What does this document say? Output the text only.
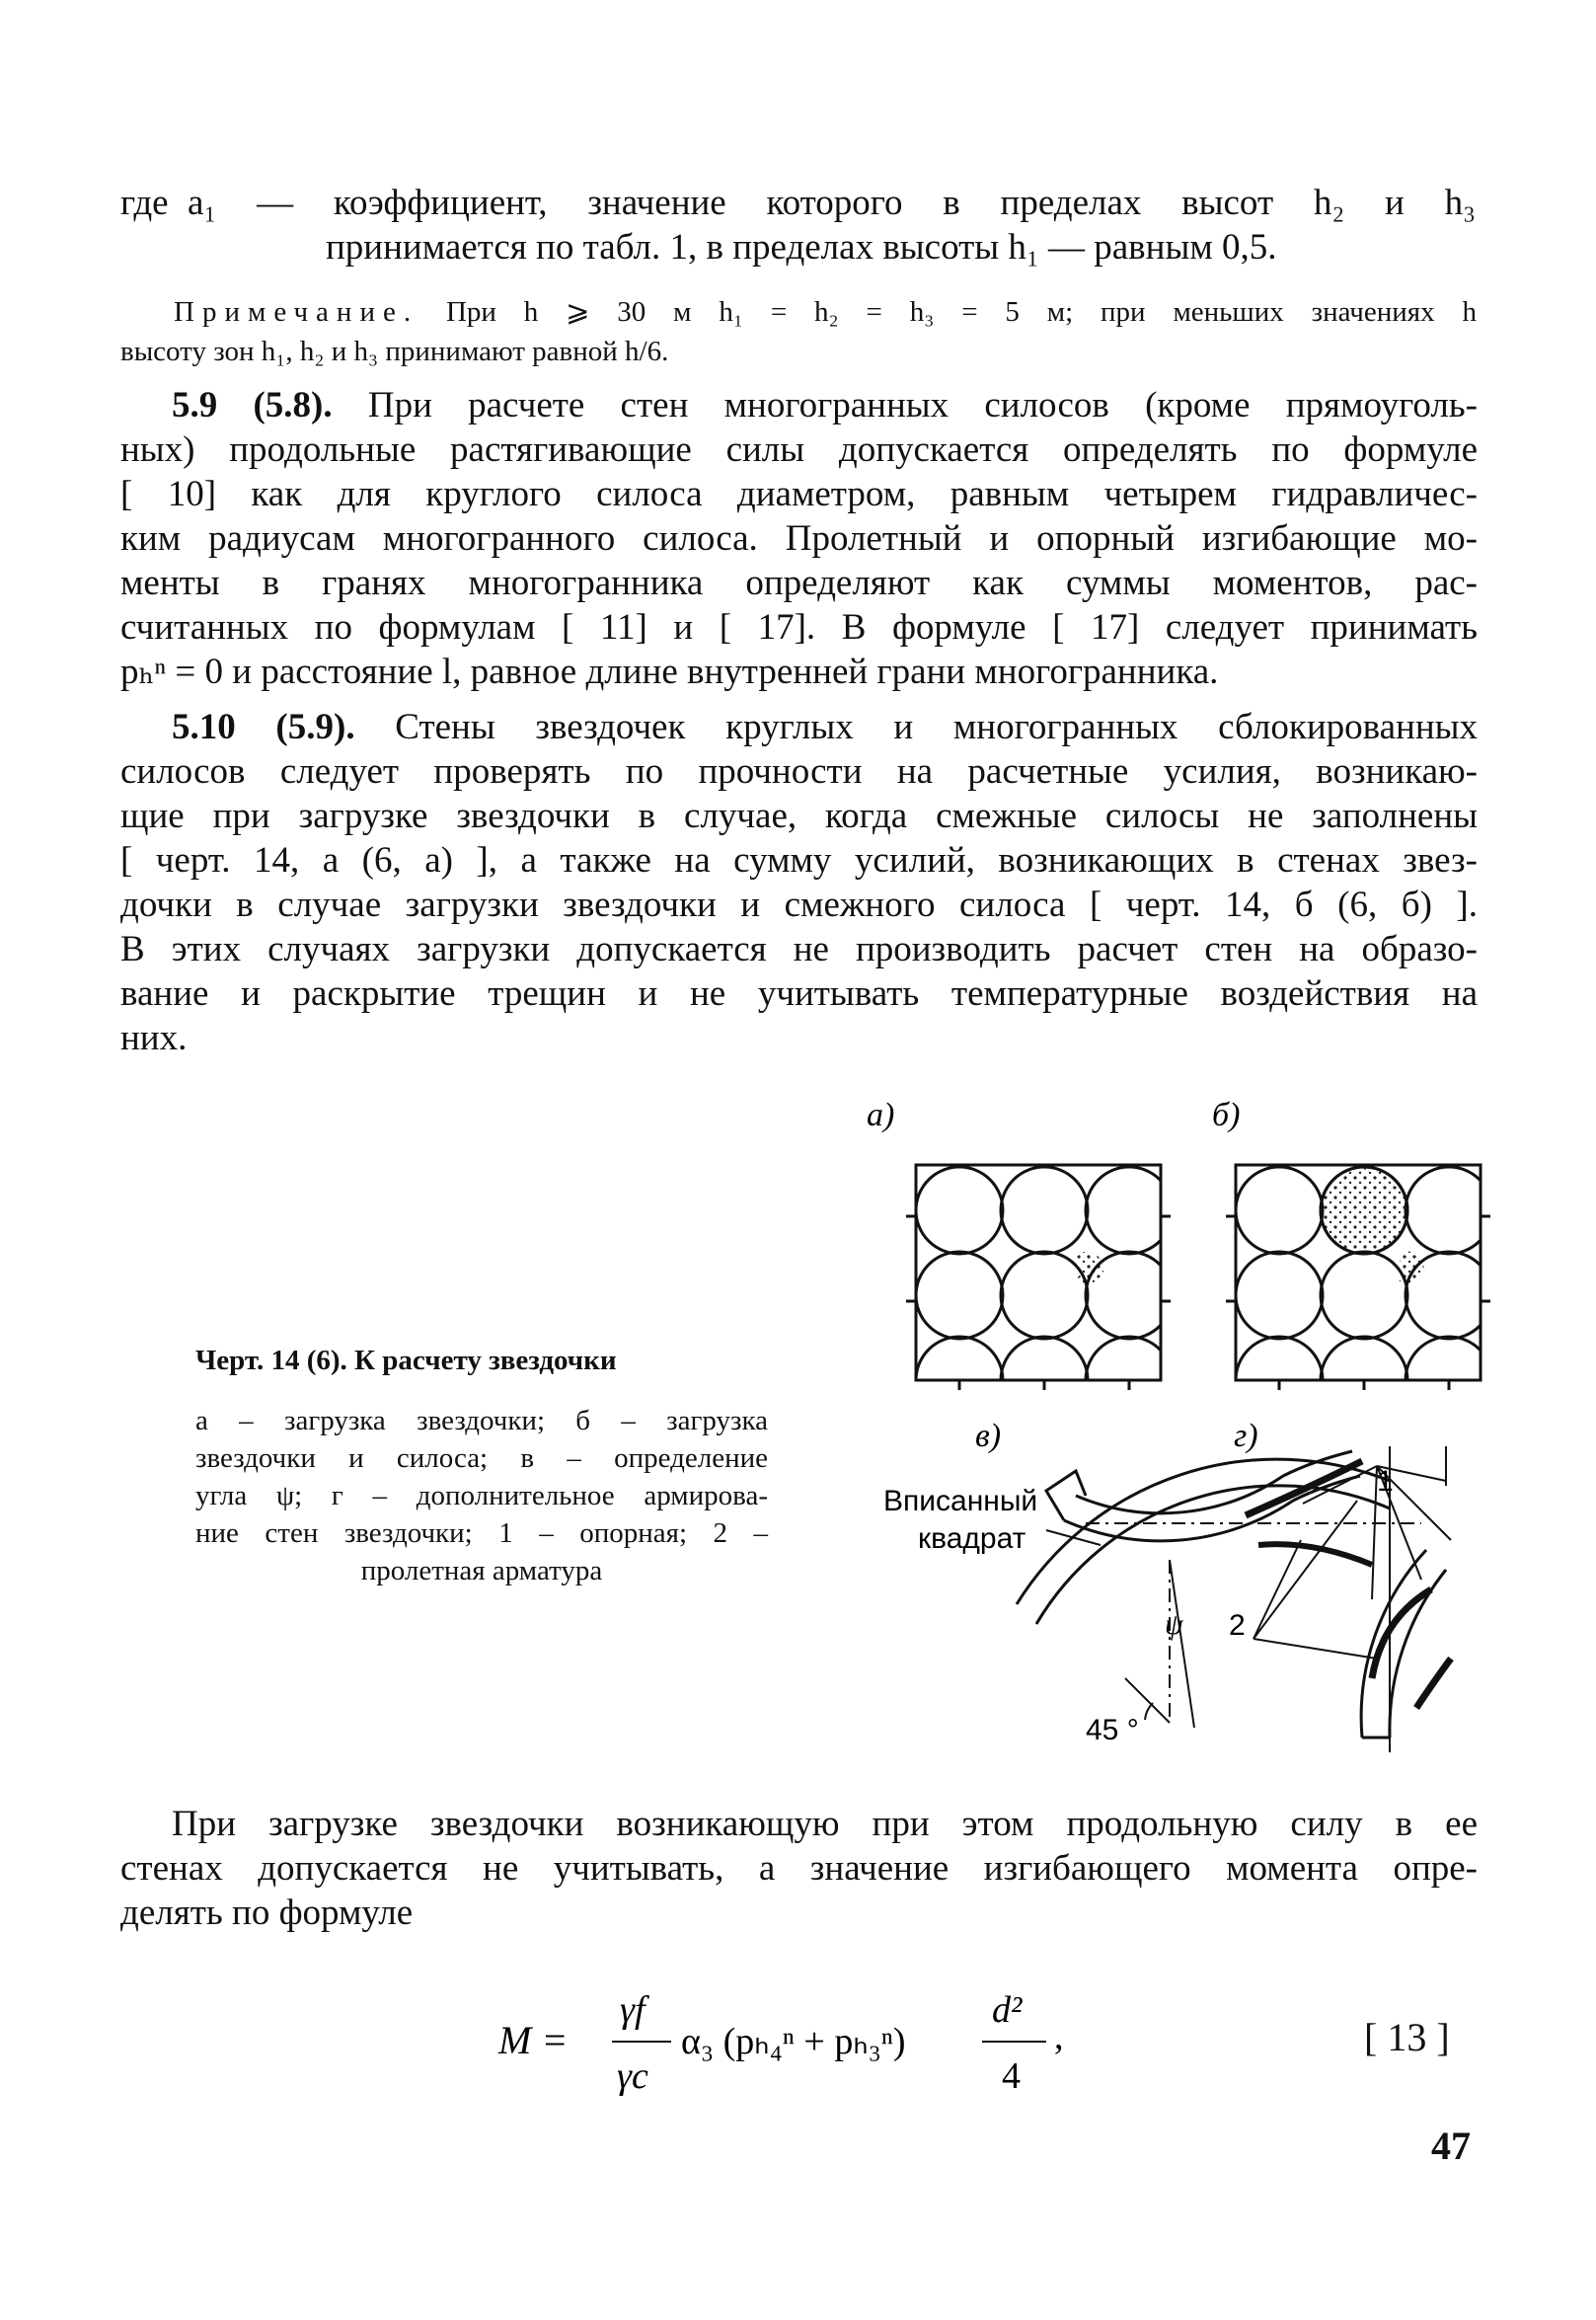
где a₁ — коэффициент, значение которого в пределах высот h₂ и h₃
принимается по табл. 1, в пределах высоты h₁ — равным 0,5.
Примечание. При h ⩾ 30 м h₁ = h₂ = h₃ = 5 м; при меньших значениях h
высоту зон h₁, h₂ и h₃ принимают равной h/6.
5.9 (5.8). При расчете стен многогранных силосов (кроме прямоуголь-
ных) продольные растягивающие силы допускается определять по формуле
[ 10] как для круглого силоса диаметром, равным четырем гидравличес-
ким радиусам многогранного силоса. Пролетный и опорный изгибающие мо-
менты в гранях многогранника определяют как суммы моментов, рас-
считанных по формулам [ 11] и [ 17]. В формуле [ 17] следует принимать
pₕⁿ = 0 и расстояние l, равное длине внутренней грани многогранника.
5.10 (5.9). Стены звездочек круглых и многогранных сблокированных
силосов следует проверять по прочности на расчетные усилия, возникаю-
щие при загрузке звездочки в случае, когда смежные силосы не заполнены
[ черт. 14, а (6, а) ], а также на сумму усилий, возникающих в стенах звез-
дочки в случае загрузки звездочки и смежного силоса [ черт. 14, б (6, б) ].
В этих случаях загрузки допускается не производить расчет стен на образо-
вание и раскрытие трещин и не учитывать температурные воздействия на
них.
а)	б)
в)	г)
Вписанный
квадрат
1
2
ψ
45 °
Черт. 14 (6). К расчету звездочки
а – загрузка звездочки; б – загрузка
звездочки и силоса; в – определение
угла ψ; г – дополнительное армирова-
ние стен звездочки; 1 – опорная; 2 –
пролетная арматура
При загрузке звездочки возникающую при этом продольную силу в ее
стенах допускается не учитывать, а значение изгибающего момента опре-
делять по формуле
M =
γf
γc
α₃ (pₕ₄ⁿ + pₕ₃ⁿ)
d²
4
,	[ 13 ]
47
